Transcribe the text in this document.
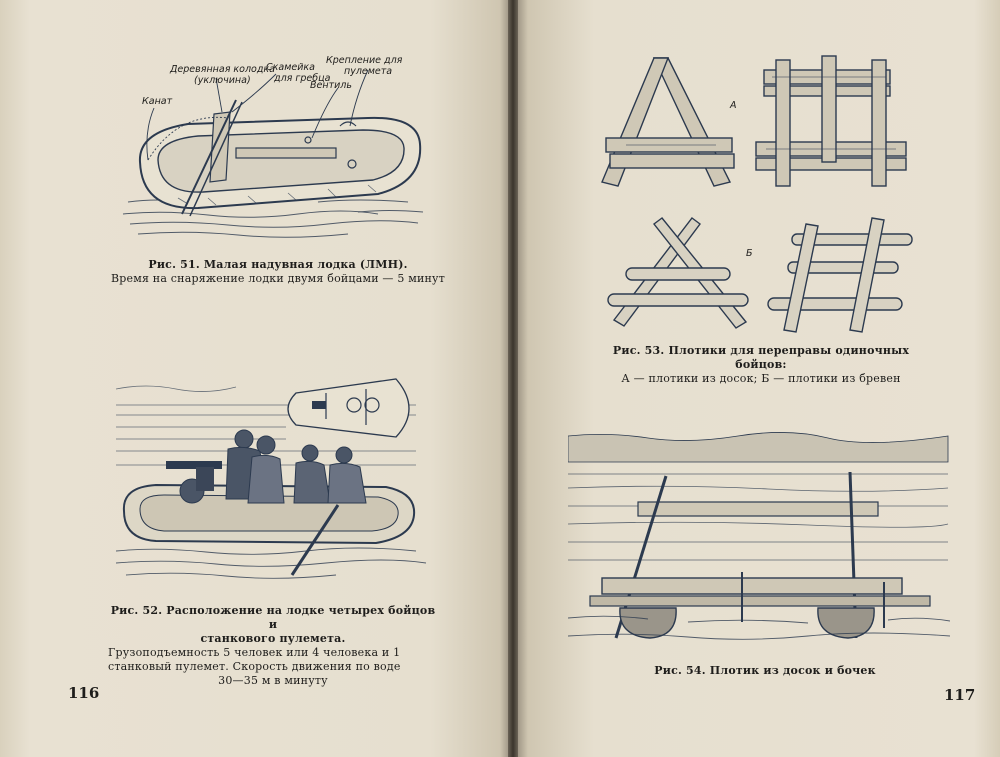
Канат
Деревянная колодка
(уключина)
Скамейка
для гребца
Вентиль
Крепление для
пулемета
Рис. 51. Малая надувная лодка (ЛМН).
Время на снаряжение лодки двумя бойцами — 5 минут
Рис. 52. Расположение на лодке четырех бойцов и
станкового пулемета.
Грузоподъемность 5 человек или 4 человека и 1
станковый пулемет. Скорость движения по воде
30—35 м в минуту
116
А
Б
Рис. 53. Плотики для переправы одиночных бойцов:
А — плотики из досок; Б — плотики из бревен
Рис. 54. Плотик из досок и бочек
117
